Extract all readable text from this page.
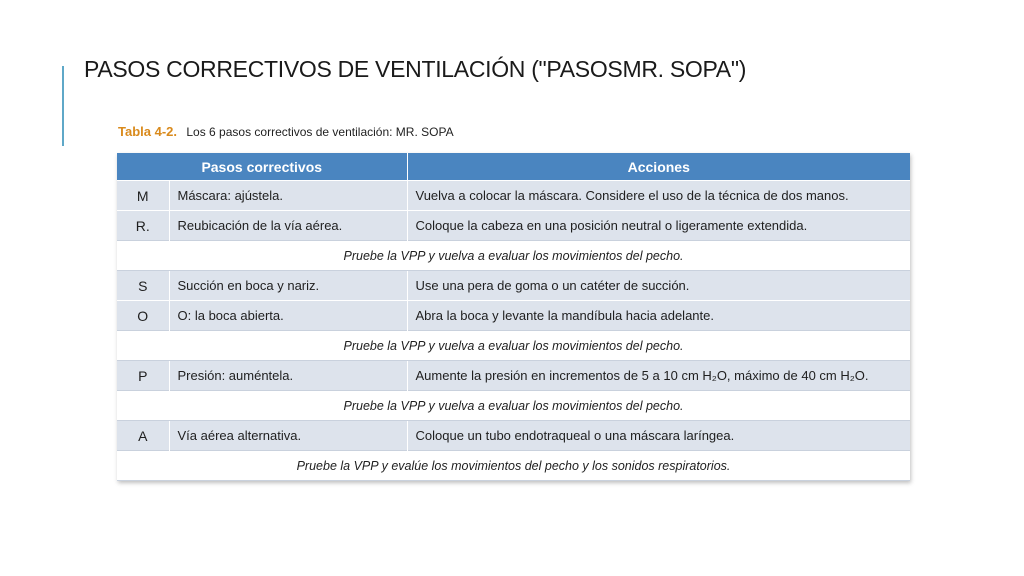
PASOS CORRECTIVOS DE VENTILACIÓN ("PASOSMR. SOPA")
Tabla 4-2. Los 6 pasos correctivos de ventilación: MR. SOPA
Pasos correctivos		Acciones
M	Máscara: ajústela.	Vuelva a colocar la máscara. Considere el uso de la técnica de dos manos.
R.	Reubicación de la vía aérea.	Coloque la cabeza en una posición neutral o ligeramente extendida.
Pruebe la VPP y vuelva a evaluar los movimientos del pecho.		
S	Succión en boca y nariz.	Use una pera de goma o un catéter de succión.
O	O: la boca abierta.	Abra la boca y levante la mandíbula hacia adelante.
Pruebe la VPP y vuelva a evaluar los movimientos del pecho.		
P	Presión: auméntela.	Aumente la presión en incrementos de 5 a 10 cm H₂O, máximo de 40 cm H₂O.
Pruebe la VPP y vuelva a evaluar los movimientos del pecho.		
A	Vía aérea alternativa.	Coloque un tubo endotraqueal o una máscara laríngea.
Pruebe la VPP y evalúe los movimientos del pecho y los sonidos respiratorios.		
